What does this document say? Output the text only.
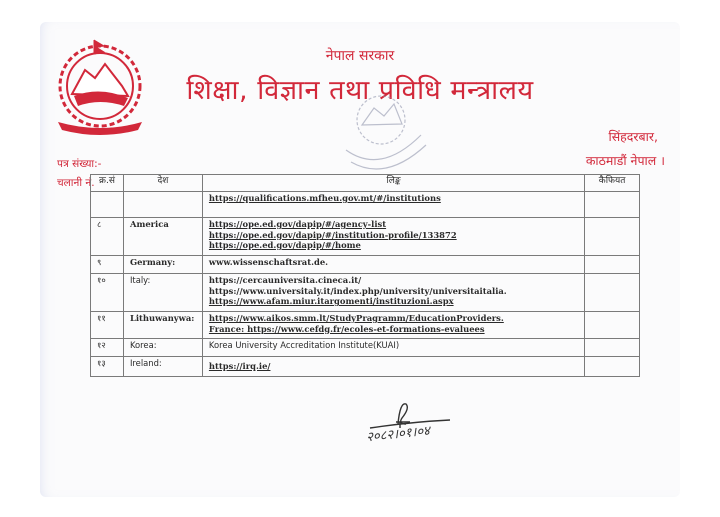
नेपाल सरकार
शिक्षा, विज्ञान तथा प्रविधि मन्त्रालय
सिंहदरबार,
काठमाडौं नेपाल ।
पत्र संख्या:-
चलानी नं. क्र.सं	देश	लिङ्क	कैफियत

		https://qualifications.mfheu.gov.mt/#/institutions	

८	America	https://ope.ed.gov/dapip/#/agency-list
https://ope.ed.gov/dapip/#/institution-profile/133872
https://ope.ed.gov/dapip/#/home	

९	Germany:	www.wissenschaftsrat.de.	

१०	Italy:	https://cercauniversita.cineca.it/
https://www.universitaly.it/index.php/university/universitaitalia.
https://www.afam.miur.itargomenti/instituzioni.aspx	

११	Lithuwanywa:	https://www.aikos.smm.lt/StudyPragramm/EducationProviders.
France: https://www.cefdg.fr/ecoles-et-formations-evaluees	

१२	Korea:	Korea University Accreditation Institute(KUAI)	

१३	Ireland:	https://irq.ie/	

२०८२।०१।०४
